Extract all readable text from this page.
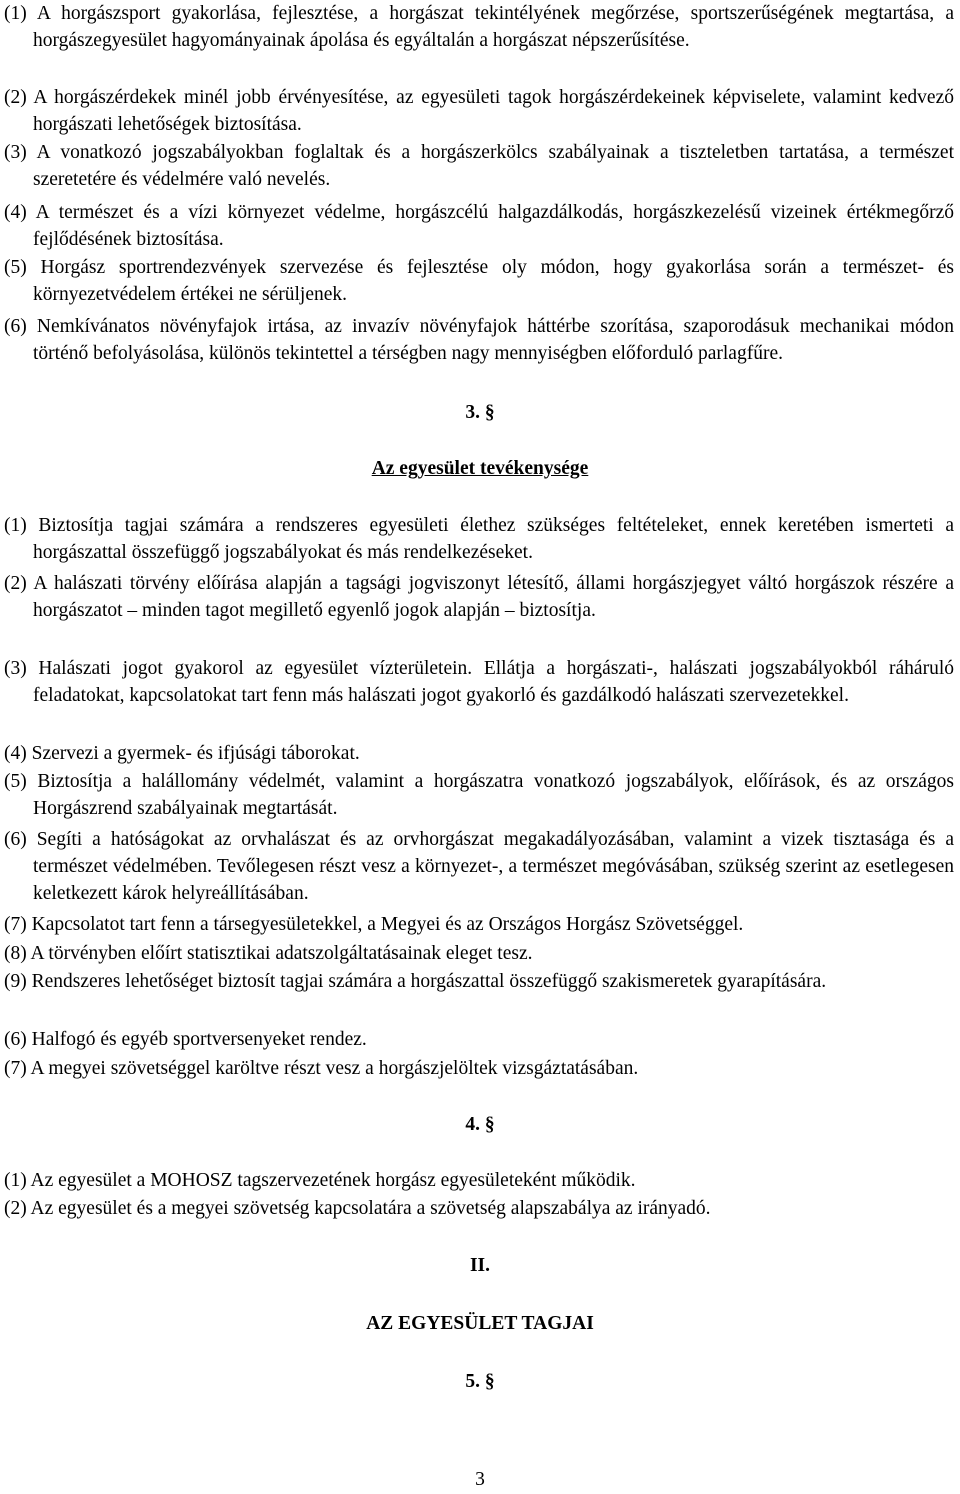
(1) A horgászsport gyakorlása, fejlesztése, a horgászat tekintélyének megőrzése, sportszerűségének megtartása, a horgászegyesület hagyományainak ápolása és egyáltalán a horgászat népszerűsítése.
(2) A horgászérdekek minél jobb érvényesítése, az egyesületi tagok horgászérdekeinek képviselete, valamint kedvező horgászati lehetőségek biztosítása.
(3) A vonatkozó jogszabályokban foglaltak és a horgászerkölcs szabályainak a tiszteletben tartatása, a természet szeretetére és védelmére való nevelés.
(4) A természet és a vízi környezet védelme, horgászcélú halgazdálkodás, horgászkezelésű vizeinek értékmegőrző fejlődésének biztosítása.
(5) Horgász sportrendezvények szervezése és fejlesztése oly módon, hogy gyakorlása során a természet- és környezetvédelem értékei ne sérüljenek.
(6) Nemkívánatos növényfajok irtása, az invazív növényfajok háttérbe szorítása, szaporodásuk mechanikai módon történő befolyásolása, különös tekintettel a térségben nagy mennyiségben előforduló parlagfűre.
3. §
Az egyesület tevékenysége
(1) Biztosítja tagjai számára a rendszeres egyesületi élethez szükséges feltételeket, ennek keretében ismerteti a horgászattal összefüggő jogszabályokat és más rendelkezéseket.
(2) A halászati törvény előírása alapján a tagsági jogviszonyt létesítő, állami horgászjegyet váltó horgászok részére a horgászatot – minden tagot megillető egyenlő jogok alapján – biztosítja.
(3) Halászati jogot gyakorol az egyesület vízterületein. Ellátja a horgászati-, halászati jogszabályokból ráháruló feladatokat, kapcsolatokat tart fenn más halászati jogot gyakorló és gazdálkodó halászati szervezetekkel.
(4) Szervezi a gyermek- és ifjúsági táborokat.
(5) Biztosítja a halállomány védelmét, valamint a horgászatra vonatkozó jogszabályok, előírások, és az országos Horgászrend szabályainak megtartását.
(6) Segíti a hatóságokat az orvhalászat és az orvhorgászat megakadályozásában, valamint a vizek tisztasága és a természet védelmében. Tevőlegesen részt vesz a környezet-, a természet megóvásában, szükség szerint az esetlegesen keletkezett károk helyreállításában.
(7) Kapcsolatot tart fenn a társegyesületekkel, a Megyei és az Országos Horgász Szövetséggel.
(8) A törvényben előírt statisztikai adatszolgáltatásainak eleget tesz.
(9) Rendszeres lehetőséget biztosít tagjai számára a horgászattal összefüggő szakismeretek gyarapítására.
(6) Halfogó és egyéb sportversenyeket rendez.
(7) A megyei szövetséggel karöltve részt vesz a horgászjelöltek vizsgáztatásában.
4. §
(1) Az egyesület a MOHOSZ tagszervezetének horgász egyesületeként működik.
(2) Az egyesület és a megyei szövetség kapcsolatára a szövetség alapszabálya az irányadó.
II.
AZ EGYESÜLET TAGJAI
5. §
3
